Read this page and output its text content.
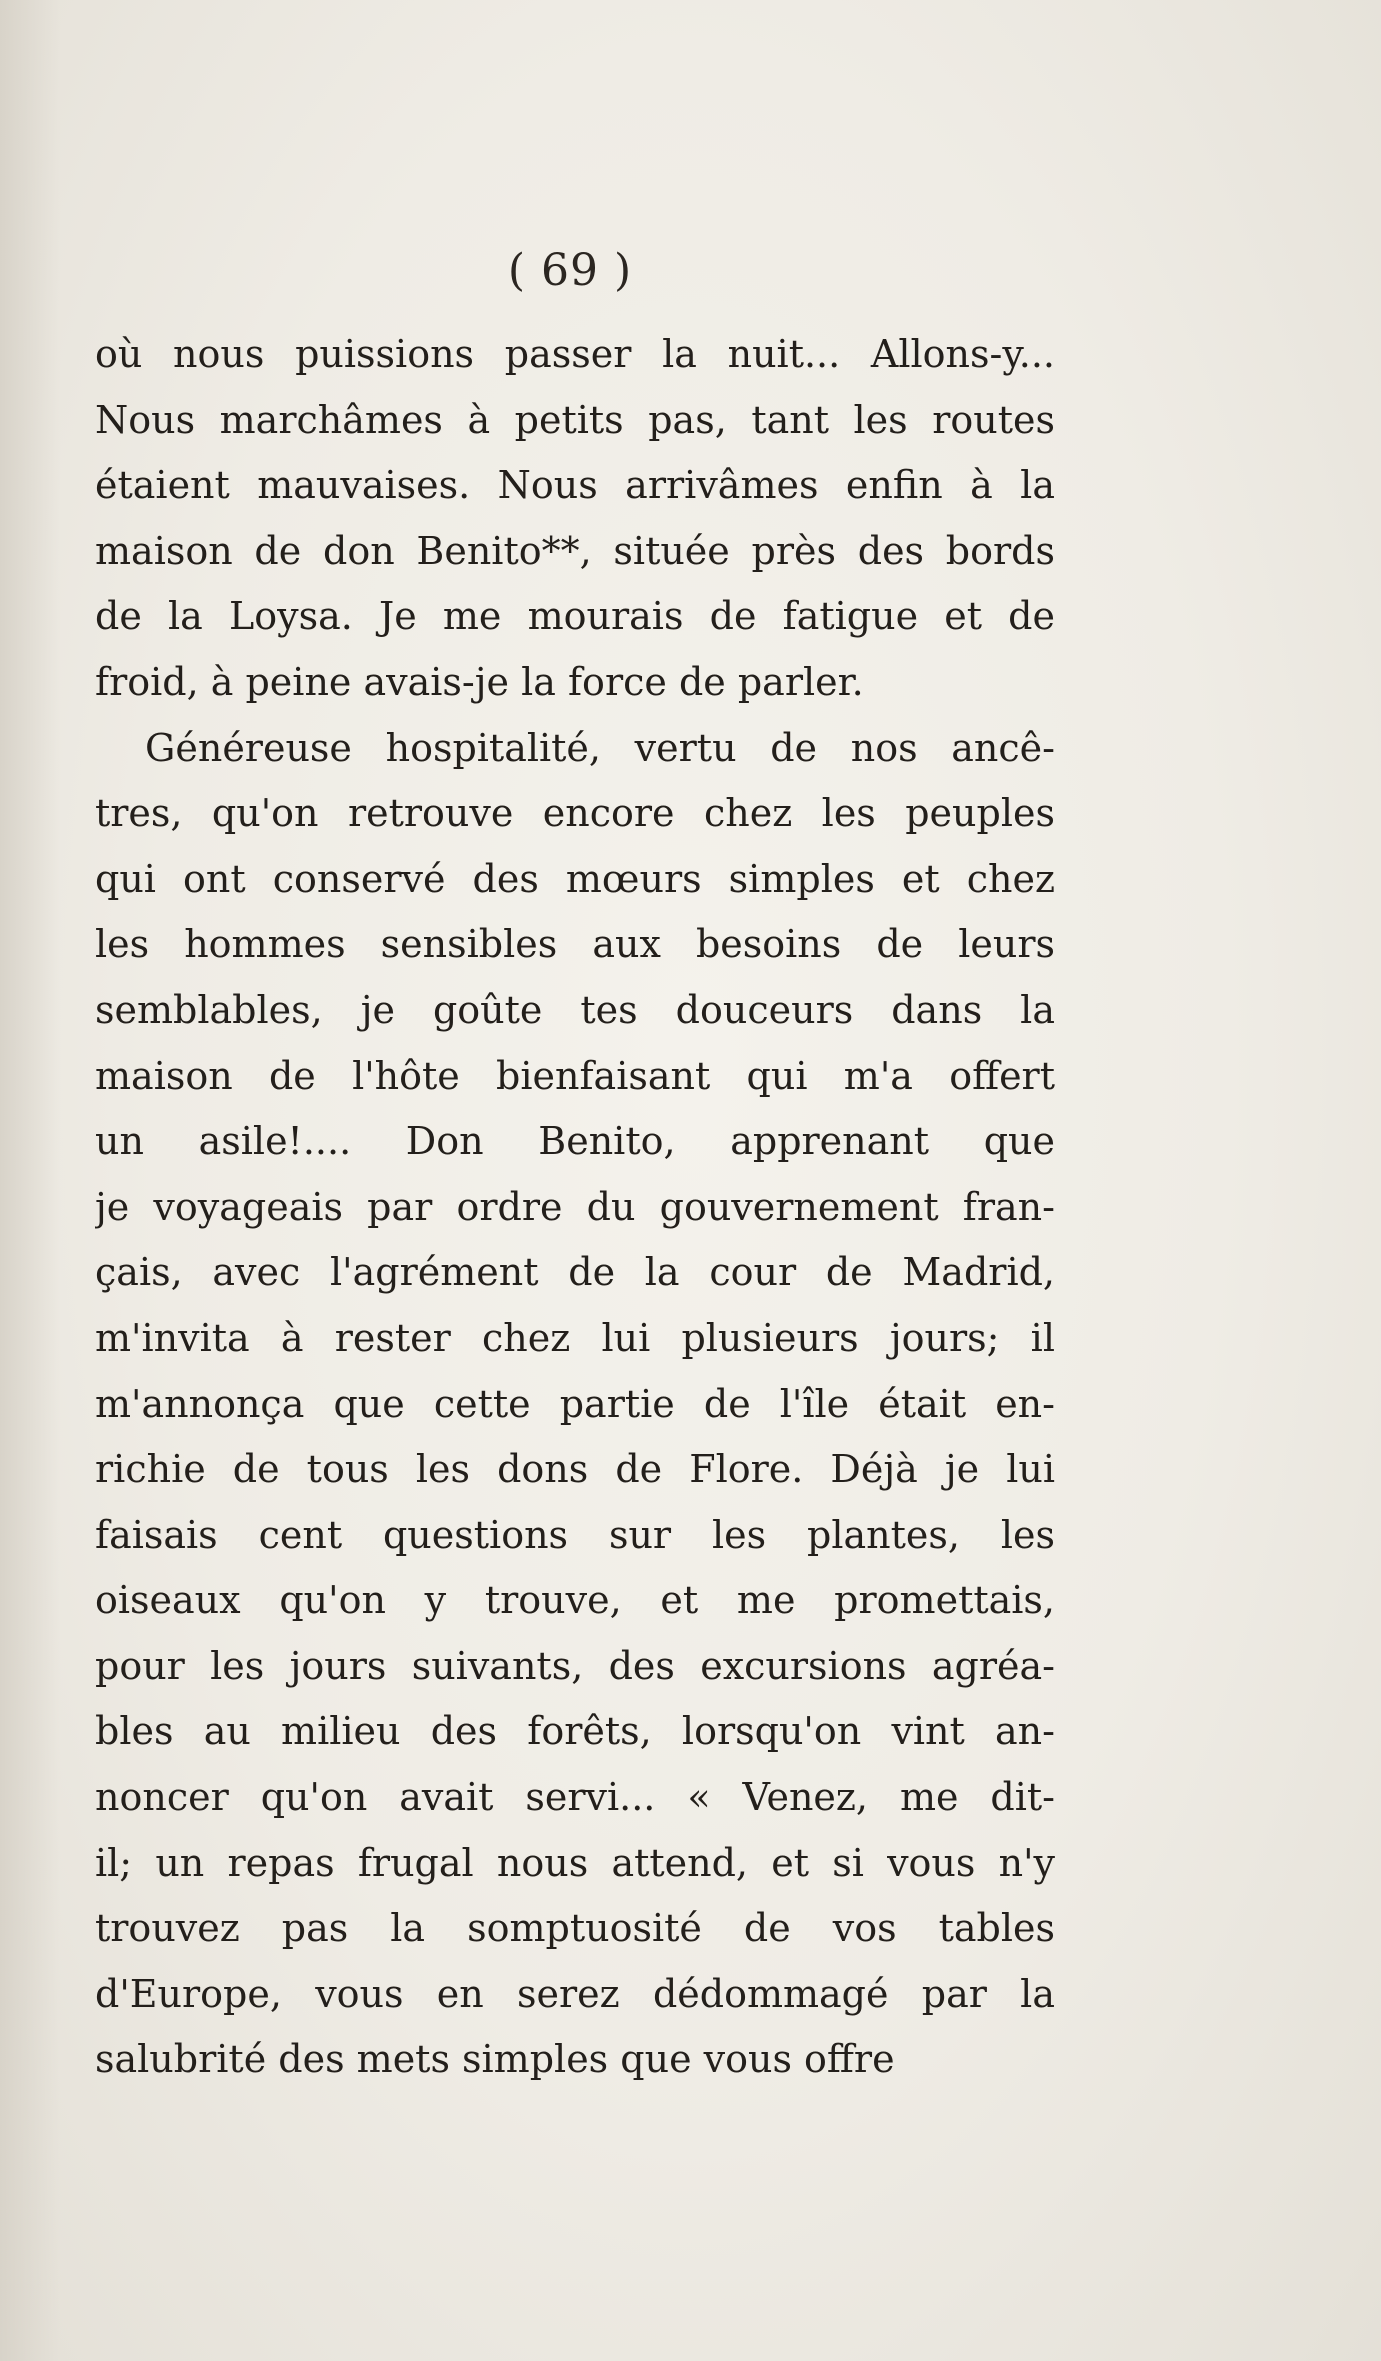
( 69 )
où nous puissions passer la nuit... Allons-y...
Nous marchâmes à petits pas, tant les routes
étaient mauvaises. Nous arrivâmes enfin à la
maison de don Benito**, située près des bords
de la Loysa. Je me mourais de fatigue et de
froid, à peine avais-je la force de parler.
Généreuse hospitalité, vertu de nos ancê-
tres, qu'on retrouve encore chez les peuples
qui ont conservé des mœurs simples et chez
les hommes sensibles aux besoins de leurs
semblables, je goûte tes douceurs dans la
maison de l'hôte bienfaisant qui m'a offert
un asile!.... Don Benito, apprenant que
je voyageais par ordre du gouvernement fran-
çais, avec l'agrément de la cour de Madrid,
m'invita à rester chez lui plusieurs jours; il
m'annonça que cette partie de l'île était en-
richie de tous les dons de Flore. Déjà je lui
faisais cent questions sur les plantes, les
oiseaux qu'on y trouve, et me promettais,
pour les jours suivants, des excursions agréa-
bles au milieu des forêts, lorsqu'on vint an-
noncer qu'on avait servi... « Venez, me dit-
il; un repas frugal nous attend, et si vous n'y
trouvez pas la somptuosité de vos tables
d'Europe, vous en serez dédommagé par la
salubrité des mets simples que vous offre
